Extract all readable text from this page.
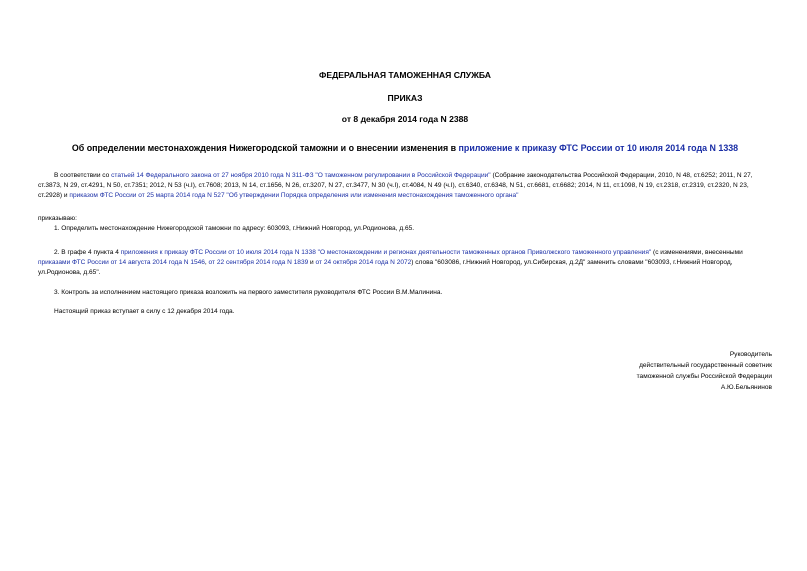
ФЕДЕРАЛЬНАЯ ТАМОЖЕННАЯ СЛУЖБА
ПРИКАЗ
от 8 декабря 2014 года N 2388
Об определении местонахождения Нижегородской таможни и о внесении изменения в приложение к приказу ФТС России от 10 июля 2014 года N 1338
В соответствии со статьей 14 Федерального закона от 27 ноября 2010 года N 311-ФЗ "О таможенном регулировании в Российской Федерации" (Собрание законодательства Российской Федерации, 2010, N 48, ст.6252; 2011, N 27, ст.3873, N 29, ст.4291, N 50, ст.7351; 2012, N 53 (ч.I), ст.7608; 2013, N 14, ст.1656, N 26, ст.3207, N 27, ст.3477, N 30 (ч.I), ст.4084, N 49 (ч.I), ст.6340, ст.6348, N 51, ст.6681, ст.6682; 2014, N 11, ст.1098, N 19, ст.2318, ст.2319, ст.2320, N 23, ст.2928) и приказом ФТС России от 25 марта 2014 года N 527 "Об утверждении Порядка определения или изменения местонахождения таможенного органа"
приказываю:
1. Определить местонахождение Нижегородской таможни по адресу: 603093, г.Нижний Новгород, ул.Родионова, д.65.
2. В графе 4 пункта 4 приложения к приказу ФТС России от 10 июля 2014 года N 1338 "О местонахождении и регионах деятельности таможенных органов Приволжского таможенного управления" (с изменениями, внесенными приказами ФТС России от 14 августа 2014 года N 1546, от 22 сентября 2014 года N 1839 и от 24 октября 2014 года N 2072) слова "603086, г.Нижний Новгород, ул.Сибирская, д.2Д" заменить словами "603093, г.Нижний Новгород, ул.Родионова, д.65".
3. Контроль за исполнением настоящего приказа возложить на первого заместителя руководителя ФТС России В.М.Малинина.
Настоящий приказ вступает в силу с 12 декабря 2014 года.
Руководитель
действительный государственный советник
таможенной службы Российской Федерации
А.Ю.Бельянинов
